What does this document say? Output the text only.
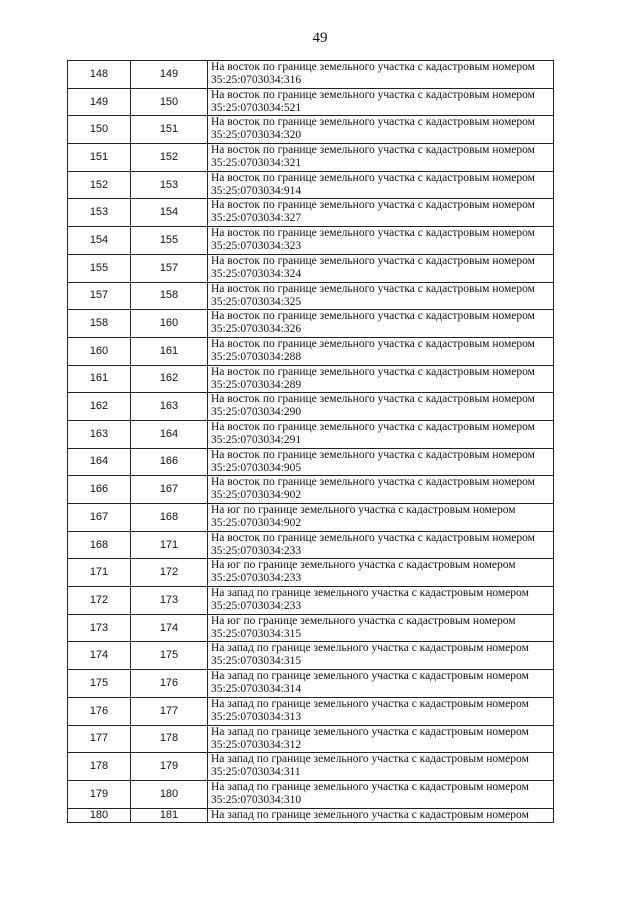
49
148	149	На восток по границе земельного участка с кадастровым номером
35:25:0703034:316

149	150	На восток по границе земельного участка с кадастровым номером
35:25:0703034:521

150	151	На восток по границе земельного участка с кадастровым номером
35:25:0703034:320

151	152	На восток по границе земельного участка с кадастровым номером
35:25:0703034:321

152	153	На восток по границе земельного участка с кадастровым номером
35:25:0703034:914

153	154	На восток по границе земельного участка с кадастровым номером
35:25:0703034:327

154	155	На восток по границе земельного участка с кадастровым номером
35:25:0703034:323

155	157	На восток по границе земельного участка с кадастровым номером
35:25:0703034:324

157	158	На восток по границе земельного участка с кадастровым номером
35:25:0703034:325

158	160	На восток по границе земельного участка с кадастровым номером
35:25:0703034:326

160	161	На восток по границе земельного участка с кадастровым номером
35:25:0703034:288

161	162	На восток по границе земельного участка с кадастровым номером
35:25:0703034:289

162	163	На восток по границе земельного участка с кадастровым номером
35:25:0703034:290

163	164	На восток по границе земельного участка с кадастровым номером
35:25:0703034:291

164	166	На восток по границе земельного участка с кадастровым номером
35:25:0703034:905

166	167	На восток по границе земельного участка с кадастровым номером
35:25:0703034:902

167	168	На юг по границе земельного участка с кадастровым номером
35:25:0703034:902

168	171	На восток по границе земельного участка с кадастровым номером
35:25:0703034:233

171	172	На юг по границе земельного участка с кадастровым номером
35:25:0703034:233

172	173	На запад по границе земельного участка с кадастровым номером
35:25:0703034:233

173	174	На юг по границе земельного участка с кадастровым номером
35:25:0703034:315

174	175	На запад по границе земельного участка с кадастровым номером
35:25:0703034:315

175	176	На запад по границе земельного участка с кадастровым номером
35:25:0703034:314

176	177	На запад по границе земельного участка с кадастровым номером
35:25:0703034:313

177	178	На запад по границе земельного участка с кадастровым номером
35:25:0703034:312

178	179	На запад по границе земельного участка с кадастровым номером
35:25:0703034:311

179	180	На запад по границе земельного участка с кадастровым номером
35:25:0703034:310

180	181	На запад по границе земельного участка с кадастровым номером
